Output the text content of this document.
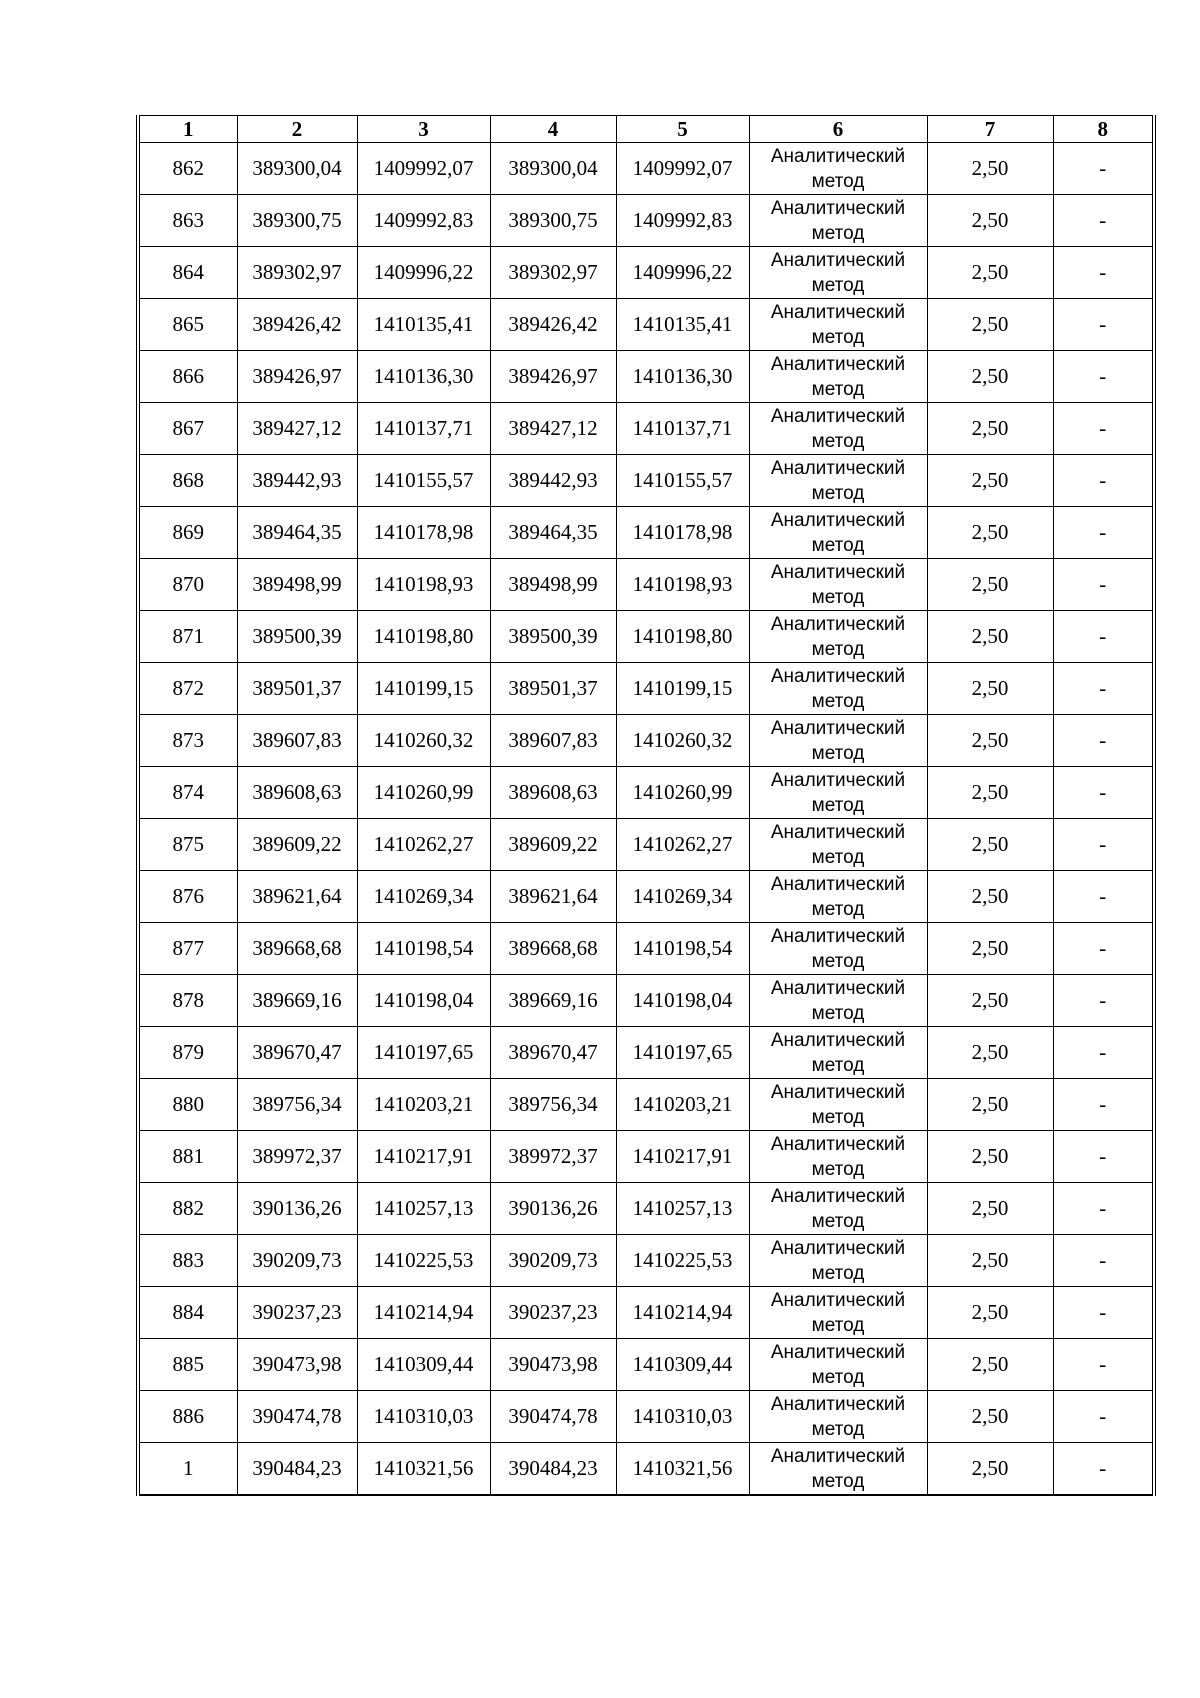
1	2	3	4	5	6	7	8
862	389300,04	1409992,07	389300,04	1409992,07	Аналитический метод	2,50	-
863	389300,75	1409992,83	389300,75	1409992,83	Аналитический метод	2,50	-
864	389302,97	1409996,22	389302,97	1409996,22	Аналитический метод	2,50	-
865	389426,42	1410135,41	389426,42	1410135,41	Аналитический метод	2,50	-
866	389426,97	1410136,30	389426,97	1410136,30	Аналитический метод	2,50	-
867	389427,12	1410137,71	389427,12	1410137,71	Аналитический метод	2,50	-
868	389442,93	1410155,57	389442,93	1410155,57	Аналитический метод	2,50	-
869	389464,35	1410178,98	389464,35	1410178,98	Аналитический метод	2,50	-
870	389498,99	1410198,93	389498,99	1410198,93	Аналитический метод	2,50	-
871	389500,39	1410198,80	389500,39	1410198,80	Аналитический метод	2,50	-
872	389501,37	1410199,15	389501,37	1410199,15	Аналитический метод	2,50	-
873	389607,83	1410260,32	389607,83	1410260,32	Аналитический метод	2,50	-
874	389608,63	1410260,99	389608,63	1410260,99	Аналитический метод	2,50	-
875	389609,22	1410262,27	389609,22	1410262,27	Аналитический метод	2,50	-
876	389621,64	1410269,34	389621,64	1410269,34	Аналитический метод	2,50	-
877	389668,68	1410198,54	389668,68	1410198,54	Аналитический метод	2,50	-
878	389669,16	1410198,04	389669,16	1410198,04	Аналитический метод	2,50	-
879	389670,47	1410197,65	389670,47	1410197,65	Аналитический метод	2,50	-
880	389756,34	1410203,21	389756,34	1410203,21	Аналитический метод	2,50	-
881	389972,37	1410217,91	389972,37	1410217,91	Аналитический метод	2,50	-
882	390136,26	1410257,13	390136,26	1410257,13	Аналитический метод	2,50	-
883	390209,73	1410225,53	390209,73	1410225,53	Аналитический метод	2,50	-
884	390237,23	1410214,94	390237,23	1410214,94	Аналитический метод	2,50	-
885	390473,98	1410309,44	390473,98	1410309,44	Аналитический метод	2,50	-
886	390474,78	1410310,03	390474,78	1410310,03	Аналитический метод	2,50	-
1	390484,23	1410321,56	390484,23	1410321,56	Аналитический метод	2,50	-
